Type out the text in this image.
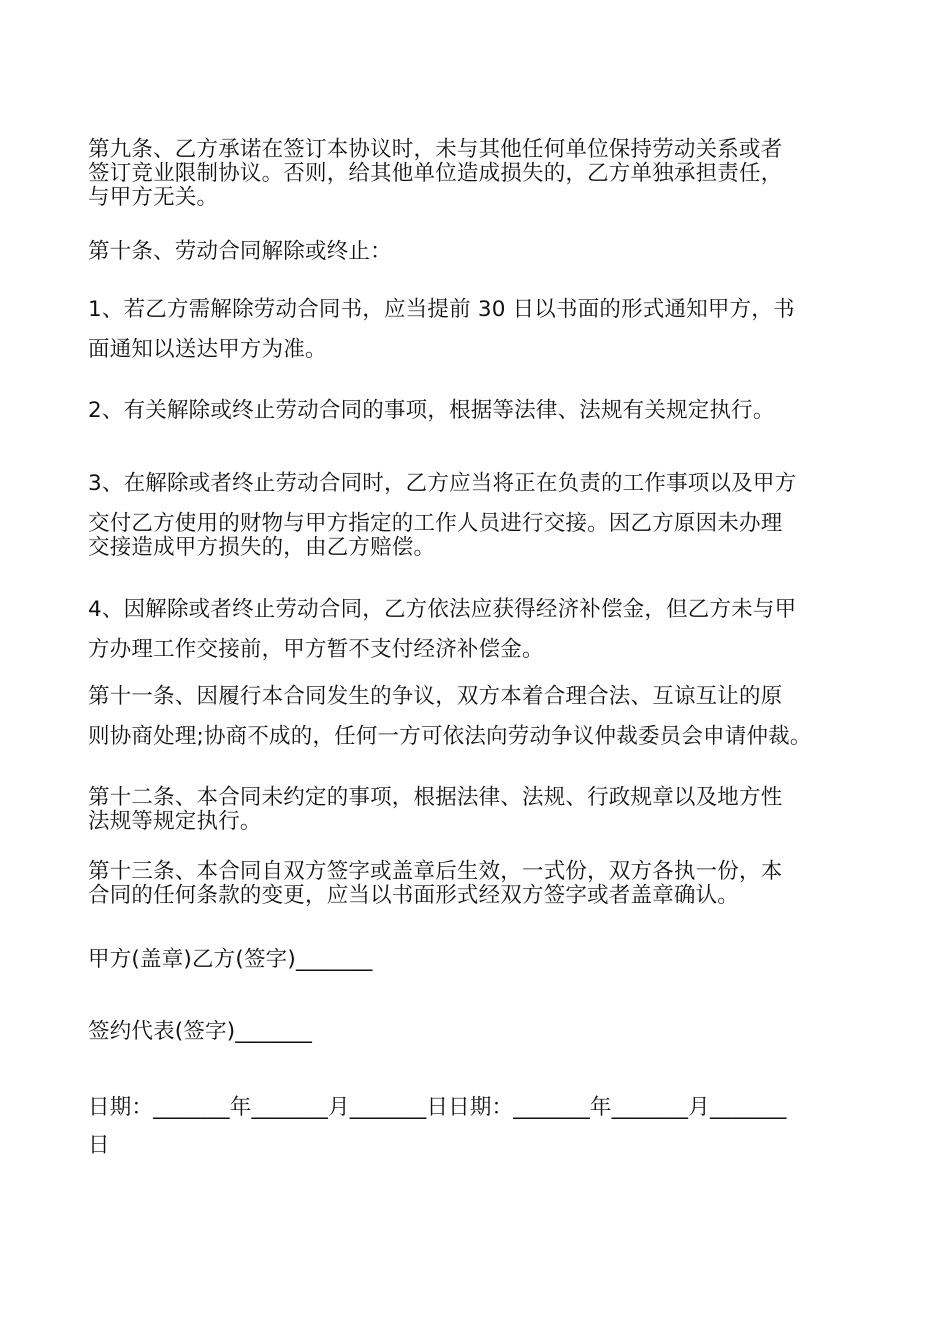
第九条、乙方承诺在签订本协议时，未与其他任何单位保持劳动关系或者
签订竞业限制协议。否则，给其他单位造成损失的，乙方单独承担责任，
与甲方无关。
第十条、劳动合同解除或终止：
1、若乙方需解除劳动合同书，应当提前 30 日以书面的形式通知甲方，书
面通知以送达甲方为准。
2、有关解除或终止劳动合同的事项，根据等法律、法规有关规定执行。
3、在解除或者终止劳动合同时，乙方应当将正在负责的工作事项以及甲方
交付乙方使用的财物与甲方指定的工作人员进行交接。因乙方原因未办理
交接造成甲方损失的，由乙方赔偿。
4、因解除或者终止劳动合同，乙方依法应获得经济补偿金，但乙方未与甲
方办理工作交接前，甲方暂不支付经济补偿金。
第十一条、因履行本合同发生的争议，双方本着合理合法、互谅互让的原
则协商处理;协商不成的，任何一方可依法向劳动争议仲裁委员会申请仲裁。
第十二条、本合同未约定的事项，根据法律、法规、行政规章以及地方性
法规等规定执行。
第十三条、本合同自双方签字或盖章后生效，一式份，双方各执一份，本
合同的任何条款的变更，应当以书面形式经双方签字或者盖章确认。
甲方(盖章)乙方(签字)_______
签约代表(签字)_______
日期：_______年_______月_______日日期：_______年_______月_______
日
